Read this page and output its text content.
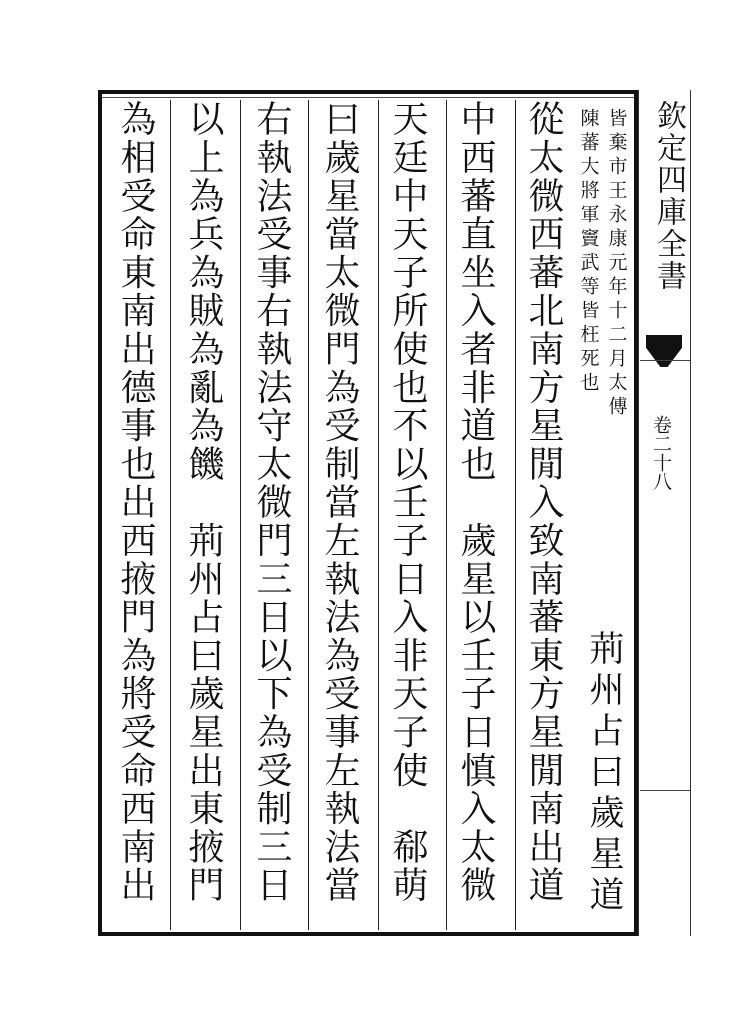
欽定四庫全書
卷二十八
皆棄市王永康元年十二月太傅
陳蕃大將軍竇武等皆枉死也
荊州占曰歲星道
從太微西蕃北南方星閒入致南蕃東方星閒南出道
中西蕃直坐入者非道也　歲星以壬子日慎入太微
天廷中天子所使也不以壬子日入非天子使　郗萌
曰歲星當太微門為受制當左執法為受事左執法當
右執法受事右執法守太微門三日以下為受制三日
以上為兵為賊為亂為饑　荊州占曰歲星出東掖門
為相受命東南出德事也出西掖門為將受命西南出
